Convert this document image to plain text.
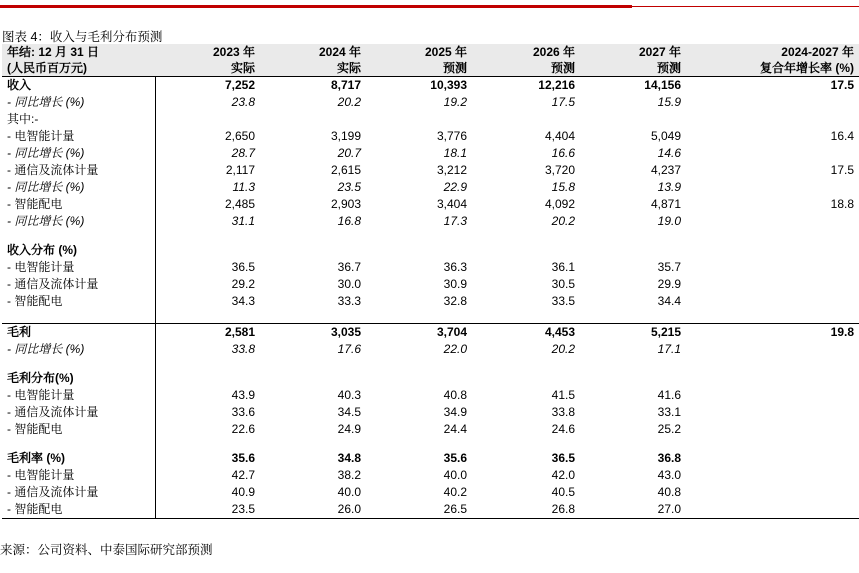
图表 4：收入与毛利分布预测
年结: 12 月 31 日	2023 年	2024 年	2025 年	2026 年	2027 年	2024-2027 年
(人民币百万元)	实际	实际	预测	预测	预测	复合年增长率 (%)
收入	7,252	8,717	10,393	12,216	14,156	17.5
- 同比增长 (%)	23.8	20.2	19.2	17.5	15.9	
其中:-						
- 电智能计量	2,650	3,199	3,776	4,404	5,049	16.4
- 同比增长 (%)	28.7	20.7	18.1	16.6	14.6	
- 通信及流体计量	2,117	2,615	3,212	3,720	4,237	17.5
- 同比增长 (%)	11.3	23.5	22.9	15.8	13.9	
- 智能配电	2,485	2,903	3,404	4,092	4,871	18.8
- 同比增长 (%)	31.1	16.8	17.3	20.2	19.0	

收入分布 (%)						
- 电智能计量	36.5	36.7	36.3	36.1	35.7	
- 通信及流体计量	29.2	30.0	30.9	30.5	29.9	
- 智能配电	34.3	33.3	32.8	33.5	34.4	

毛利	2,581	3,035	3,704	4,453	5,215	19.8
- 同比增长 (%)	33.8	17.6	22.0	20.2	17.1	

毛利分布(%)						
- 电智能计量	43.9	40.3	40.8	41.5	41.6	
- 通信及流体计量	33.6	34.5	34.9	33.8	33.1	
- 智能配电	22.6	24.9	24.4	24.6	25.2	

毛利率 (%)	35.6	34.8	35.6	36.5	36.8	
- 电智能计量	42.7	38.2	40.0	42.0	43.0	
- 通信及流体计量	40.9	40.0	40.2	40.5	40.8	
- 智能配电	23.5	26.0	26.5	26.8	27.0	
来源：公司资料、中泰国际研究部预测
